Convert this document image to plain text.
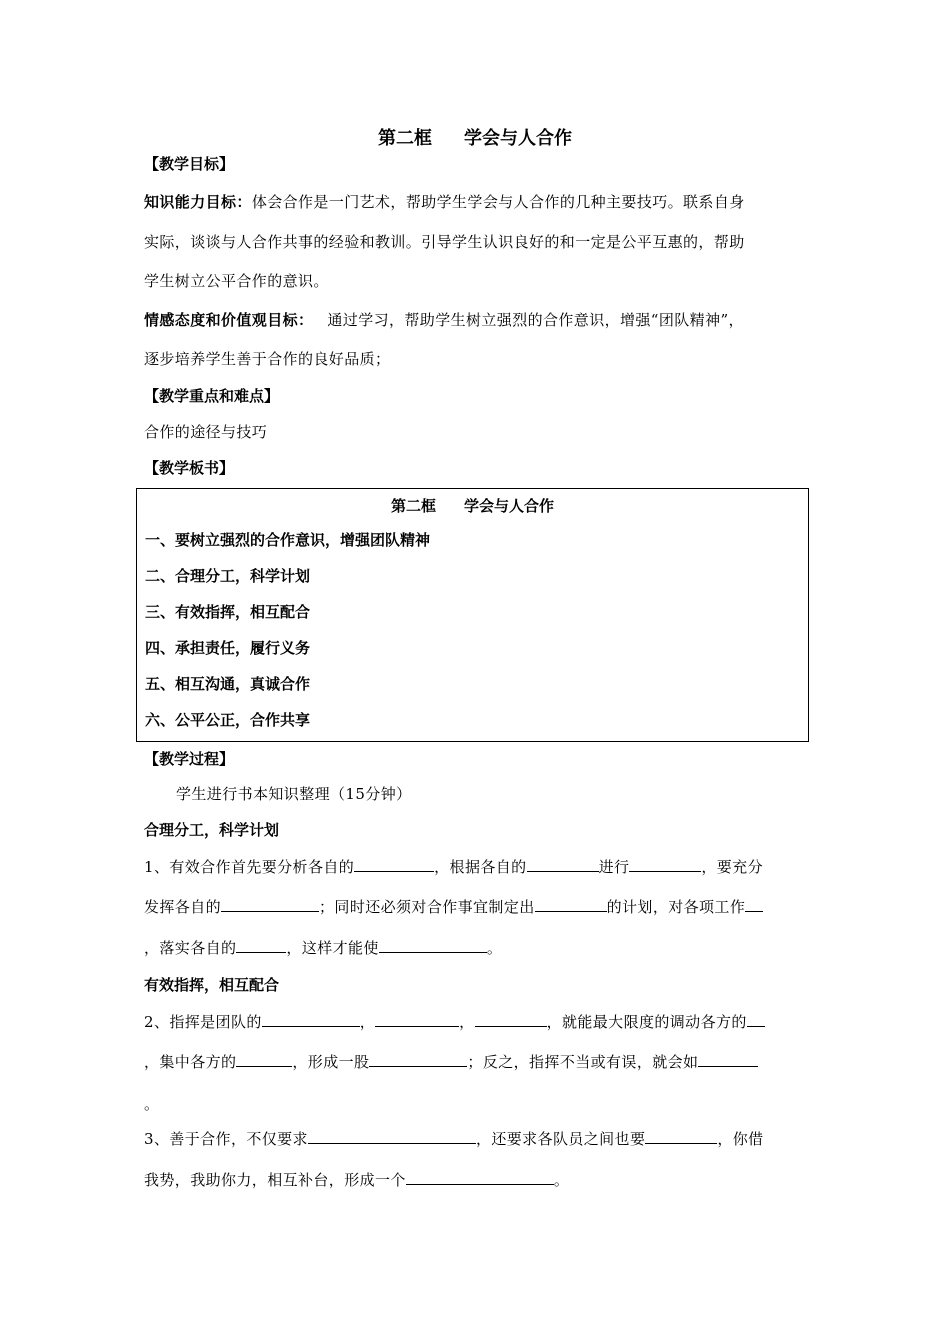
第二框 学会与人合作
【教学目标】
知识能力目标：体会合作是一门艺术，帮助学生学会与人合作的几种主要技巧。联系自身
实际，谈谈与人合作共事的经验和教训。引导学生认识良好的和一定是公平互惠的，帮助
学生树立公平合作的意识。
情感态度和价值观目标： 通过学习，帮助学生树立强烈的合作意识，增强“团队精神”，
逐步培养学生善于合作的良好品质；
【教学重点和难点】
合作的途径与技巧
【教学板书】
第二框 学会与人合作
一、要树立强烈的合作意识，增强团队精神
二、合理分工，科学计划
三、有效指挥，相互配合
四、承担责任，履行义务
五、相互沟通，真诚合作
六、公平公正，合作共享
【教学过程】
学生进行书本知识整理（15分钟）
合理分工，科学计划
1、有效合作首先要分析各自的	，根据各自的	进行	，要充分
发挥各自的	；同时还必须对合作事宜制定出	的计划，对各项工作
，落实各自的	，这样才能使	。
有效指挥，相互配合
2、指挥是团队的	，	，	，就能最大限度的调动各方的
，集中各方的	，形成一股	；反之，指挥不当或有误，就会如
。
3、善于合作，不仅要求	，还要求各队员之间也要	，你借
我势，我助你力，相互补台，形成一个	。
